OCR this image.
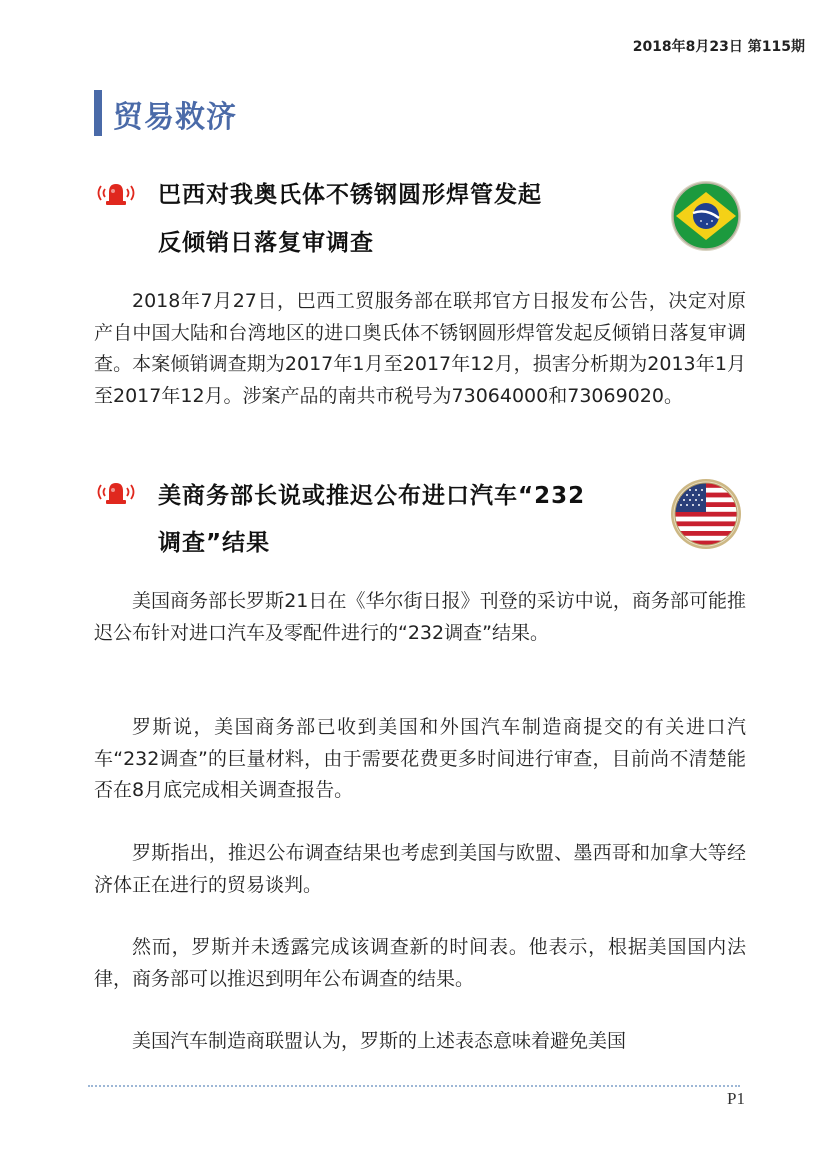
2018年8月23日 第115期
贸易救济
巴西对我奥氏体不锈钢圆形焊管发起
反倾销日落复审调查

2018年7月27日，巴西工贸服务部在联邦官方日报发布公告，决定对原产自中国大陆和台湾地区的进口奥氏体不锈钢圆形焊管发起反倾销日落复审调查。本案倾销调查期为2017年1月至2017年12月，损害分析期为2013年1月至2017年12月。涉案产品的南共市税号为73064000和73069020。

美商务部长说或推迟公布进口汽车“232
调查”结果

美国商务部长罗斯21日在《华尔街日报》刊登的采访中说，商务部可能推迟公布针对进口汽车及零配件进行的“232调查”结果。

罗斯说，美国商务部已收到美国和外国汽车制造商提交的有关进口汽车“232调查”的巨量材料，由于需要花费更多时间进行审查，目前尚不清楚能否在8月底完成相关调查报告。

罗斯指出，推迟公布调查结果也考虑到美国与欧盟、墨西哥和加拿大等经济体正在进行的贸易谈判。

然而，罗斯并未透露完成该调查新的时间表。他表示，根据美国国内法律，商务部可以推迟到明年公布调查的结果。

美国汽车制造商联盟认为，罗斯的上述表态意味着避免美国

P1
